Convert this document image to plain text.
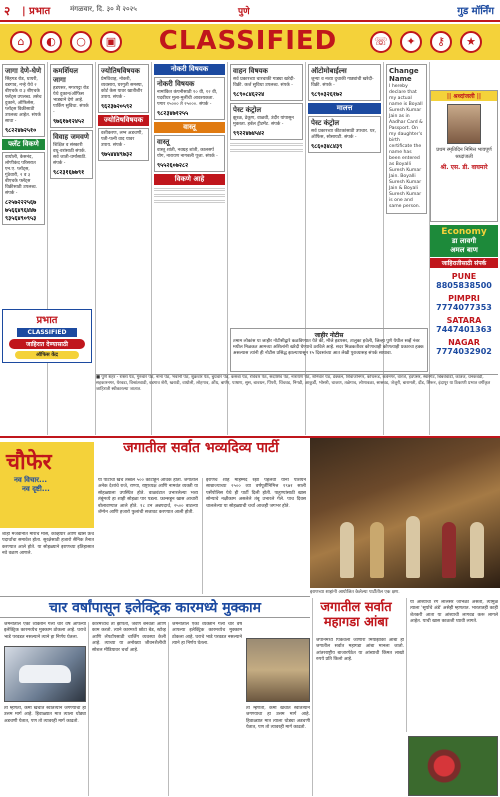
२ | प्रभात	मंगळवार, दि. ३० मे २०२५	पुणे	गुड मॉर्निंग
⌂	◐	○	▣	CLASSIFIED	☏	✦	⚷	★
जागा देणे-घेणे
सिंहगड रोड, धायरी, वडगाव, नऱ्हे येथे २ बीएचके व ३ बीएचके फ्लॅट्स उपलब्ध. तसेच दुकाने, ऑफिसेस, प्लॉट्स विक्रीसाठी उपलब्ध आहेत. संपर्क साधा -
९८२२४७२५१०
फ्लॅट विकणे
वाघोली, केसनंद, लोणीकंद परिसरात एन.ए. प्लॉट्स, गुंठेवारी, २ व ३ बीएचके फ्लॅट्स विक्रीसाठी उपलब्ध. संपर्क -
८२५७२२२५६७
७५६६४९६४४७
९३५६४९०९५३
कमर्शियल जागा
हडपसर, मगरपट्टा रोड येथे दुकान/ऑफिस भाड्याने देणे आहे. पार्किंग सुविधा. संपर्क -
९७६१७१२४५२
विवाह जमवणे
शिक्षित व संस्कारी वधू-वरांसाठी संपर्क. सर्व जाती-धर्मांसाठी. संपर्क -
९८२३१६७७९१
प्रभात
CLASSIFIED
जाहिरात देण्यासाठी
ऑफिस केंद्र
ज्योतिषविषयक
प्रेमविवाह, नोकरी, व्यवसाय, घरगुती समस्या, कोर्ट केस यावर खात्रीशीर उपाय. संपर्क -
९६२३७२०५९२
ज्योतिषविषयक
वशीकरण, लग्न अडचणी, पती-पत्नी वाद यावर उपाय. संपर्क -
९७५४४४९७३२
नोकरी विषयक
नोकरी विषयक
नामांकित कंपनीसाठी १० वी, १२ वी, पदवीधर मुला-मुलींची आवश्यकता. पगार १५००० ते २५०००. संपर्क -
९८२३४७१२५५
वास्तू
वास्तू
वास्तू शांती, नवग्रह शांती, कालसर्प योग, नारायण नागबली पूजा. संपर्क -
९५५२६०७२८२
विकणे आहे
वाहन विषयक
सर्व प्रकारच्या चारचाकी गाड्या खरेदी-विक्री. कर्ज सुविधा उपलब्ध. संपर्क -
९८९०८४६२२४
पेस्ट कंट्रोल
झुरळ, ढेकूण, वाळवी, उंदीर यांपासून मुक्तता. हर्बल ट्रीटमेंट. संपर्क -
९९२२४७४५४२
ऑटोमोबाईल्स
जुन्या व नव्या दुचाकी गाड्यांची खरेदी-विक्री. संपर्क -
९८९०३२६१७२
मालत्त
पेस्ट कंट्रोल
सर्व प्रकारच्या कीटकांसाठी उपचार. घर, ऑफिस, सोसायटी. संपर्क -
९८६०३४८४३९
Change Name
I hereby declare that my actual name is Boyall Suresh Kumar Jain as in Aadhar Card & Passport. On my daughter's birth certificate the name has been entered as Boyalli Suresh Kumar Jain. Boyalli Suresh Kumar Jain & Boyali Suresh Kumar is one and same person.
|| श्रध्दांजली ||
प्रथम स्मृतिदिन निमित्त भावपूर्ण श्रध्दांजली
श्री. एस. डी. वाघमारे
Economy
डा लावगी
अमल बाण
जाहिरातीसाठी संपर्क
PUNE
8805838500
PIMPRI
7774077353
SATARA
7447401363
NAGAR
7774032902
जाहीर नोटीस
तमाम लोकांस या जाहीर नोटीसीद्वारे कळविण्यात येते की, मौजे हडपसर, तालुका हवेली, जिल्हा पुणे येथील सर्व्हे नंबर मधील मिळकत आमच्या अशिलांनी खरेदी घेण्याचे ठरविले आहे. सदर मिळकतीवर कोणाचाही कोणत्याही प्रकारचा हक्क असल्यास त्यांनी ही नोटीस प्रसिद्ध झाल्यापासून १५ दिवसांच्या आत लेखी पुराव्यासह संपर्क साधावा.
■ पुणे शहर - रास्ता पेठ, गुरुवार पेठ, नाना पेठ, भवानी पेठ, शुक्रवार पेठ, बुधवार पेठ, कसबा पेठ, रविवार पेठ, सदाशिव पेठ, नारायण पेठ, शनिवार पेठ, डेक्कन, शिवाजीनगर, कोथरूड, कर्वेनगर, वारजे, हडपसर, स्वारगेट, बिबवेवाडी, कात्रज, धनकवडी, सहकारनगर, येरवडा, विश्रांतवाडी, वडगाव शेरी, खराडी, वाघोली, लोहगाव, औंध, बाणेर, पाषाण, सुस, बावधन, पिंपरी, चिंचवड, निगडी, आकुर्डी, भोसरी, चाकण, तळेगाव, लोणावळा, सासवड, जेजुरी, बारामती, दौंड, शिरूर, इंदापूर या ठिकाणी प्रभात वर्गीकृत जाहिराती स्वीकारल्या जातात.
चौफेर
नव विचार...
नव दृष्टी...
शाही मेजवानीत मोराचे मांस, कॅव्हियार आणि खास फ्रेंच पदार्थांचा समावेश होता. सुरक्षेसाठी हजारो सैनिक तैनात करण्यात आले होते. या सोहळ्याने इराणच्या इतिहासात नवे वळण आणले.
जगातील सर्वात भव्यदिव्य पार्टी
या पार्टीचा खर्च तब्बल ५०० कोटींहून अधिक होता. जगातील अनेक देशांचे राजे, राण्या, राष्ट्राध्यक्ष आणि नामवंत व्यक्ती या सोहळ्याला उपस्थित होते. वाळवंटात उभारलेल्या भव्य तंबूंमध्ये हा शाही सोहळा पार पडला. फ्रान्सहून खास आचारी बोलावण्यात आले होते. १८ टन अन्नपदार्थ, २५०० बाटल्या शॅम्पेन आणि हजारो फुलांची सजावट करण्यात आली होती.
इराणचे शाह मोहम्मद रझा पहलवी यांनी पर्शियन साम्राज्याच्या २५०० व्या वर्षपूर्तीनिमित्त १९७१ साली पर्सेपोलिस येथे ही पार्टी दिली होती. पाहुण्यांसाठी खास सोन्याचे नक्षीकाम असलेले तंबू उभारले गेले. पाच दिवस चाललेल्या या सोहळ्याची चर्चा आजही जगभर होते.
इराणच्या शाहांनी आयोजित केलेल्या पार्टीतील एक क्षण.
चार वर्षांपासून इलेक्ट्रिक कारमध्येे मुक्काम
जर्मनीतील एका व्यक्तीने गेली चार वर्षे आपल्या इलेक्ट्रिक कारमध्येच मुक्काम ठोकला आहे. घराचे भाडे परवडत नसल्याने त्याने हा निर्णय घेतला.
तो म्हणतो, कमी खर्चात स्वातंत्र्याने जगण्याचा हा उत्तम मार्ग आहे. हिवाळ्यात मात्र त्याला थोड्या अडचणी येतात, पण तो त्यावरही मार्ग काढतो.
कारमध्येच तो झोपतो, जेवण बनवतो आणि काम करतो. त्याने कारमध्ये छोटा बेड, स्टोव्ह आणि लॅपटॉपसाठी चार्जिंग व्यवस्था केली आहे. त्याच्या या अनोख्या जीवनशैलीची सोशल मीडियावर चर्चा आहे.
जर्मनीतील एका व्यक्तीने गेली चार वर्षे आपल्या इलेक्ट्रिक कारमध्येच मुक्काम ठोकला आहे. घराचे भाडे परवडत नसल्याने त्याने हा निर्णय घेतला.
तो म्हणतो, कमी खर्चात स्वातंत्र्याने जगण्याचा हा उत्तम मार्ग आहे. हिवाळ्यात मात्र त्याला थोड्या अडचणी येतात, पण तो त्यावरही मार्ग काढतो.
जगातील सर्वात महागडा आंबा
जपानमध्ये पिकवला जाणारा मियाझाकी आंबा हा जगातील सर्वात महागडा आंबा मानला जातो. आंतरराष्ट्रीय बाजारपेठेत या आंब्याची किंमत लाखो रुपये प्रति किलो आहे.
या आंब्याचा रंग लालसर जांभळा असतो, त्यामुळे त्याला 'सूर्याचे अंडे' असेही म्हणतात. भारतातही काही शेतकरी आता या आंब्याची लागवड करू लागले आहेत. याची खास काळजी घ्यावी लागते.
